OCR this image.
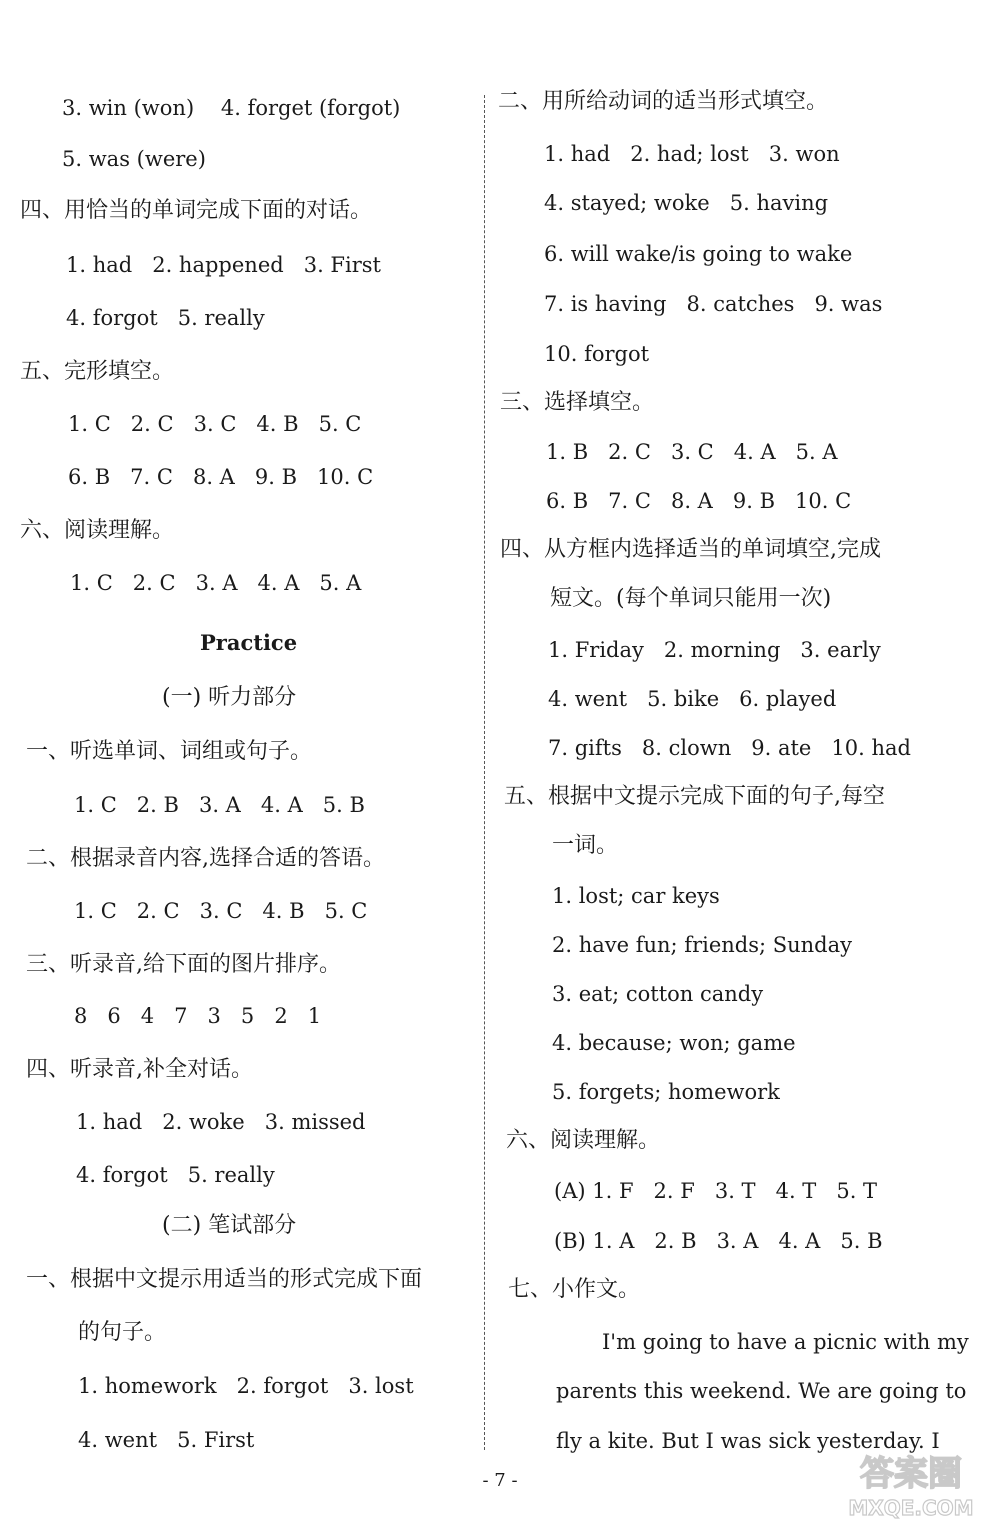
3. win (won)    4. forget (forgot)
5. was (were)
四、用恰当的单词完成下面的对话。
1. had   2. happened   3. First
4. forgot   5. really
五、完形填空。
1. C   2. C   3. C   4. B   5. C
6. B   7. C   8. A   9. B   10. C
六、阅读理解。
1. C   2. C   3. A   4. A   5. A
Practice
(一) 听力部分
一、听选单词、词组或句子。
1. C   2. B   3. A   4. A   5. B
二、根据录音内容,选择合适的答语。
1. C   2. C   3. C   4. B   5. C
三、听录音,给下面的图片排序。
8   6   4   7   3   5   2   1
四、听录音,补全对话。
1. had   2. woke   3. missed
4. forgot   5. really
(二) 笔试部分
一、根据中文提示用适当的形式完成下面
的句子。
1. homework   2. forgot   3. lost
4. went   5. First
二、用所给动词的适当形式填空。
1. had   2. had; lost   3. won
4. stayed; woke   5. having
6. will wake/is going to wake
7. is having   8. catches   9. was
10. forgot
三、选择填空。
1. B   2. C   3. C   4. A   5. A
6. B   7. C   8. A   9. B   10. C
四、从方框内选择适当的单词填空,完成
短文。(每个单词只能用一次)
1. Friday   2. morning   3. early
4. went   5. bike   6. played
7. gifts   8. clown   9. ate   10. had
五、根据中文提示完成下面的句子,每空
一词。
1. lost; car keys
2. have fun; friends; Sunday
3. eat; cotton candy
4. because; won; game
5. forgets; homework
六、阅读理解。
(A) 1. F   2. F   3. T   4. T   5. T
(B) 1. A   2. B   3. A   4. A   5. B
七、小作文。
I'm going to have a picnic with my
parents this weekend. We are going to
fly a kite. But I was sick yesterday. I
- 7 -	答案圈
MXQE.COM
